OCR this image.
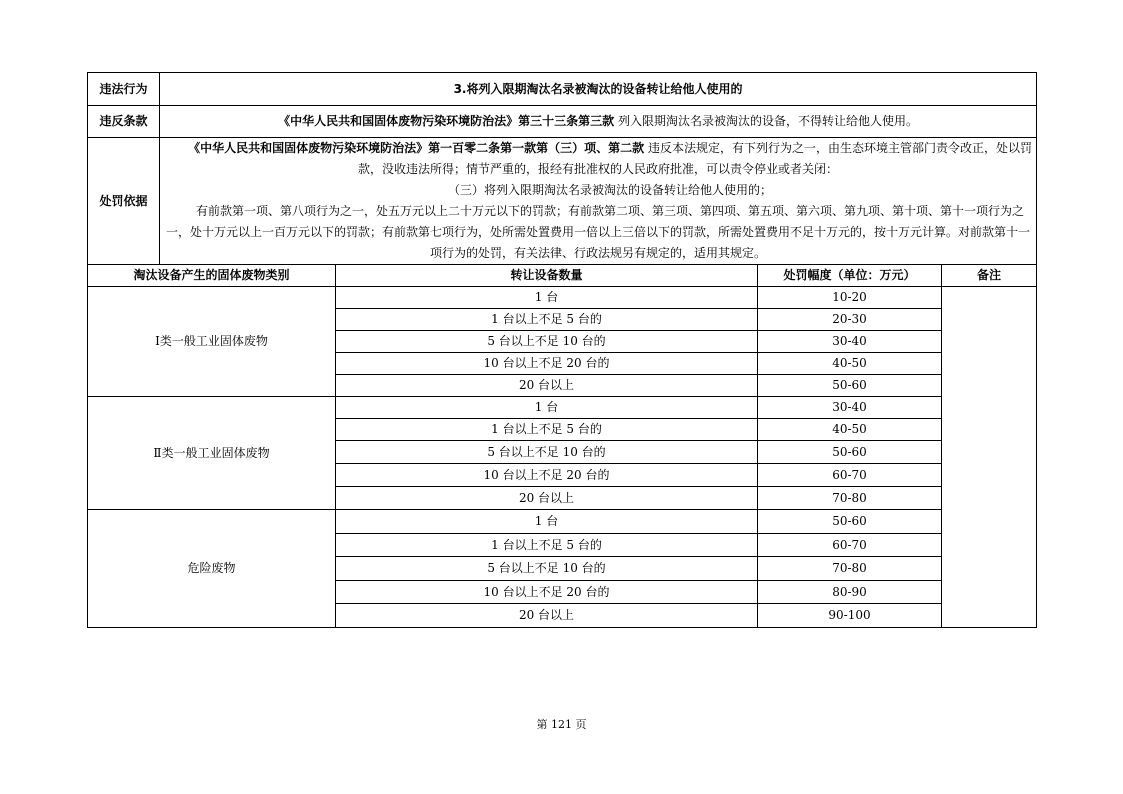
违法行为	3.将列入限期淘汰名录被淘汰的设备转让给他人使用的			
违反条款	《中华人民共和国固体废物污染环境防治法》第三十三条第三款 列入限期淘汰名录被淘汰的设备，不得转让给他人使用。			
处罚依据	《中华人民共和国固体废物污染环境防治法》第一百零二条第一款第（三）项、第二款 违反本法规定，有下列行为之一，由生态环境主管部门责令改正，处以罚款，没收违法所得；情节严重的，报经有批准权的人民政府批准，可以责令停业或者关闭：
（三）将列入限期淘汰名录被淘汰的设备转让给他人使用的；
有前款第一项、第八项行为之一，处五万元以上二十万元以下的罚款；有前款第二项、第三项、第四项、第五项、第六项、第九项、第十项、第十一项行为之一，处十万元以上一百万元以下的罚款；有前款第七项行为，处所需处置费用一倍以上三倍以下的罚款，所需处置费用不足十万元的，按十万元计算。对前款第十一项行为的处罚，有关法律、行政法规另有规定的，适用其规定。			

淘汰设备产生的固体废物类别		转让设备数量	处罚幅度（单位：万元）	备注
Ⅰ类一般工业固体废物		1 台	10-20	
		1 台以上不足 5 台的	20-30	
		5 台以上不足 10 台的	30-40	
		10 台以上不足 20 台的	40-50	
		20 台以上	50-60	
Ⅱ类一般工业固体废物		1 台	30-40	
		1 台以上不足 5 台的	40-50	
		5 台以上不足 10 台的	50-60	
		10 台以上不足 20 台的	60-70	
		20 台以上	70-80	
危险废物		1 台	50-60	
		1 台以上不足 5 台的	60-70	
		5 台以上不足 10 台的	70-80	
		10 台以上不足 20 台的	80-90	
		20 台以上	90-100	
第 121 页
